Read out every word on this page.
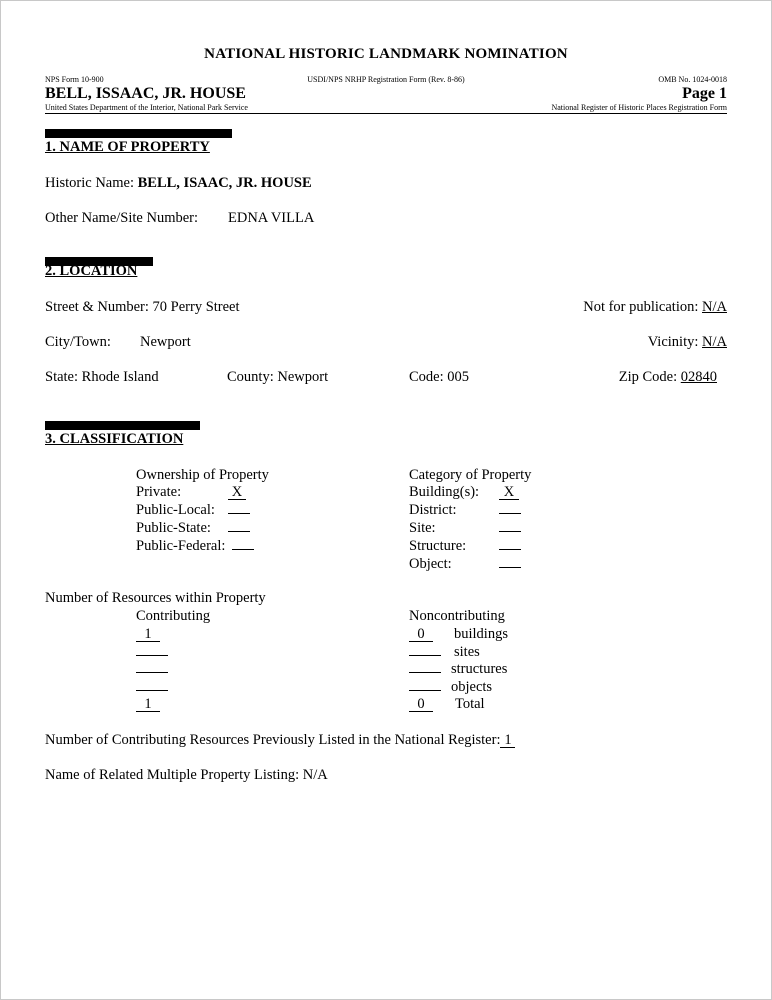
NATIONAL HISTORIC LANDMARK NOMINATION
NPS Form 10-900	USDI/NPS NRHP Registration Form (Rev. 8-86)	OMB No. 1024-0018
BELL, ISSAAC, JR. HOUSE	Page 1
United States Department of the Interior, National Park Service	National Register of Historic Places Registration Form
1. NAME OF PROPERTY
Historic Name: BELL, ISAAC, JR. HOUSE
Other Name/Site Number: EDNA VILLA
2. LOCATION
Street & Number: 70 Perry Street	Not for publication: N/A
City/Town: Newport	Vicinity: N/A
State: Rhode Island	County: Newport	Code: 005	Zip Code: 02840
3. CLASSIFICATION
Ownership of Property
Private:	X
Public-Local:
Public-State:
Public-Federal:
Category of Property
Building(s):	X
District:
Site:
Structure:
Object:
Number of Resources within Property
Contributing	Noncontributing
1	0	buildings
sites
structures
objects
1	0	Total
Number of Contributing Resources Previously Listed in the National Register: 1
Name of Related Multiple Property Listing: N/A
